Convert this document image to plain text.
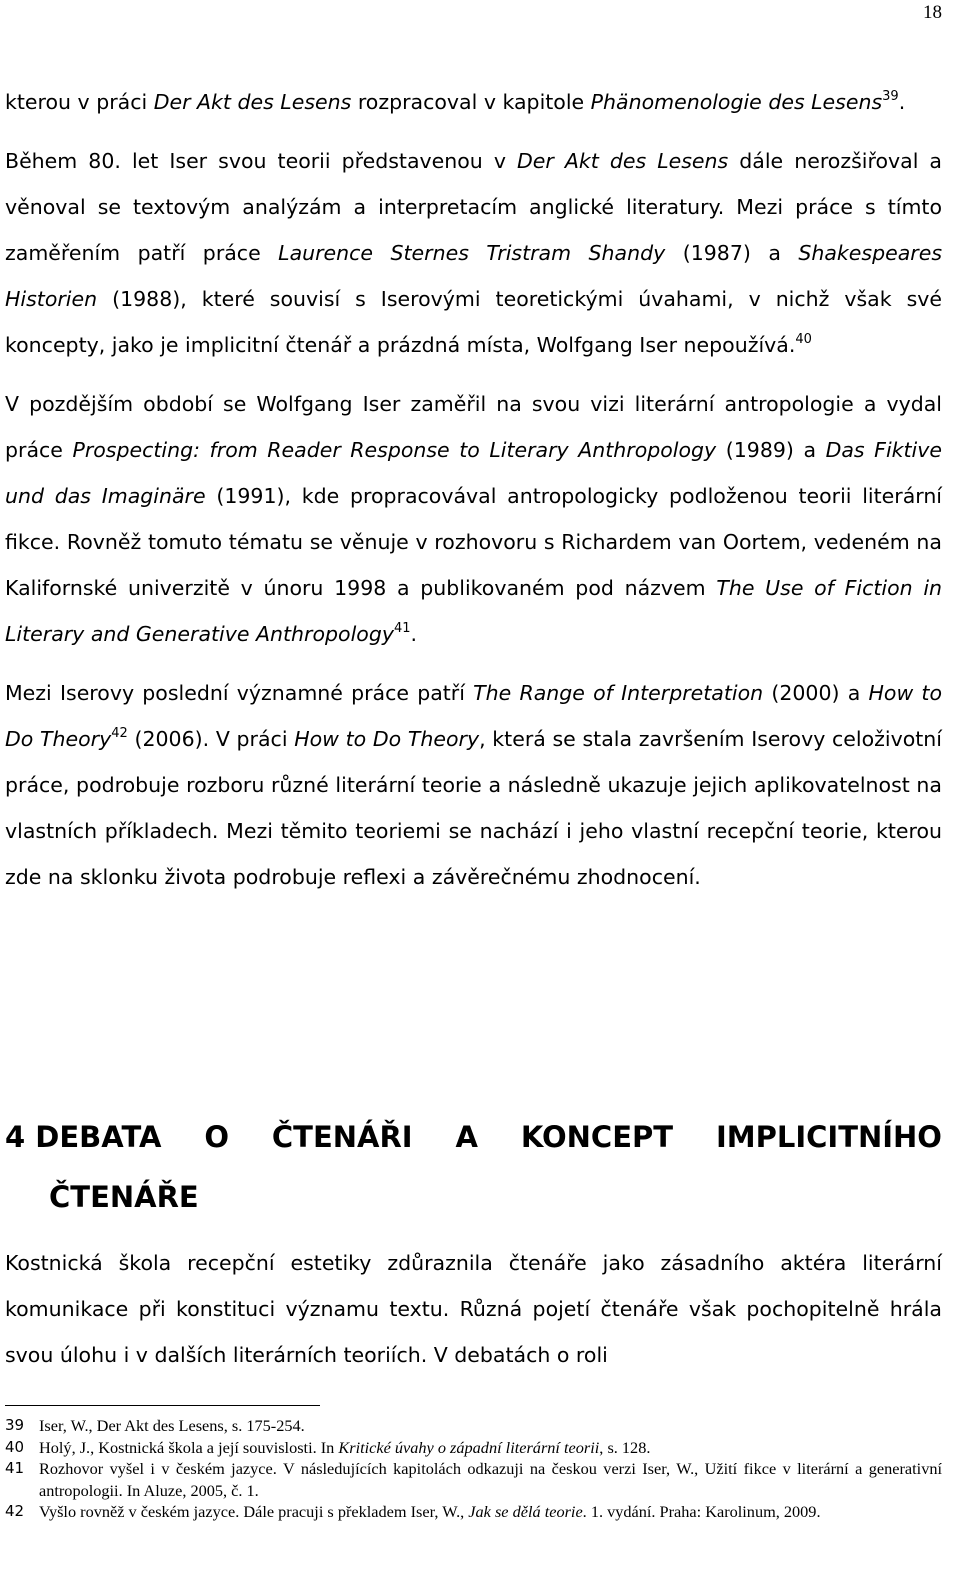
18

kterou v práci Der Akt des Lesens rozpracoval v kapitole Phänomenologie des Lesens$^{39}$.

Během 80. let Iser svou teorii představenou v Der Akt des Lesens dále nerozšiřoval a věnoval se textovým analýzám a interpretacím anglické literatury. Mezi práce s tímto zaměřením patří práce Laurence Sternes Tristram Shandy (1987) a Shakespeares Historien (1988), které souvisí s Iserovými teoretickými úvahami, v nichž však své koncepty, jako je implicitní čtenář a prázdná místa, Wolfgang Iser nepoužívá.$^{40}$

V pozdějším období se Wolfgang Iser zaměřil na svou vizi literární antropologie a vydal práce Prospecting: from Reader Response to Literary Anthropology (1989) a Das Fiktive und das Imaginäre (1991), kde propracovával antropologicky podloženou teorii literární fikce. Rovněž tomuto tématu se věnuje v rozhovoru s Richardem van Oortem, vedeném na Kalifornské univerzitě v únoru 1998 a publikovaném pod názvem The Use of Fiction in Literary and Generative Anthropology$^{41}$.

Mezi Iserovy poslední významné práce patří The Range of Interpretation (2000) a How to Do Theory$^{42}$ (2006). V práci How to Do Theory, která se stala završením Iserovy celoživotní práce, podrobuje rozboru různé literární teorie a následně ukazuje jejich aplikovatelnost na vlastních příkladech. Mezi těmito teoriemi se nachází i jeho vlastní recepční teorie, kterou zde na sklonku života podrobuje reflexi a závěrečnému zhodnocení.

4 DEBATA O ČTENÁŘI A KONCEPT IMPLICITNÍHO
ČTENÁŘE

Kostnická škola recepční estetiky zdůraznila čtenáře jako zásadního aktéra literární komunikace při konstituci významu textu. Různá pojetí čtenáře však pochopitelně hrála svou úlohu i v dalších literárních teoriích. V debatách o roli

39 Iser, W., Der Akt des Lesens, s. 175-254.
40 Holý, J., Kostnická škola a její souvislosti. In Kritické úvahy o západní literární teorii, s. 128.
41 Rozhovor vyšel i v českém jazyce. V následujících kapitolách odkazuji na českou verzi Iser, W., Užití fikce v literární a generativní antropologii. In Aluze, 2005, č. 1.
42 Vyšlo rovněž v českém jazyce. Dále pracuji s překladem Iser, W., Jak se dělá teorie. 1. vydání. Praha: Karolinum, 2009.
